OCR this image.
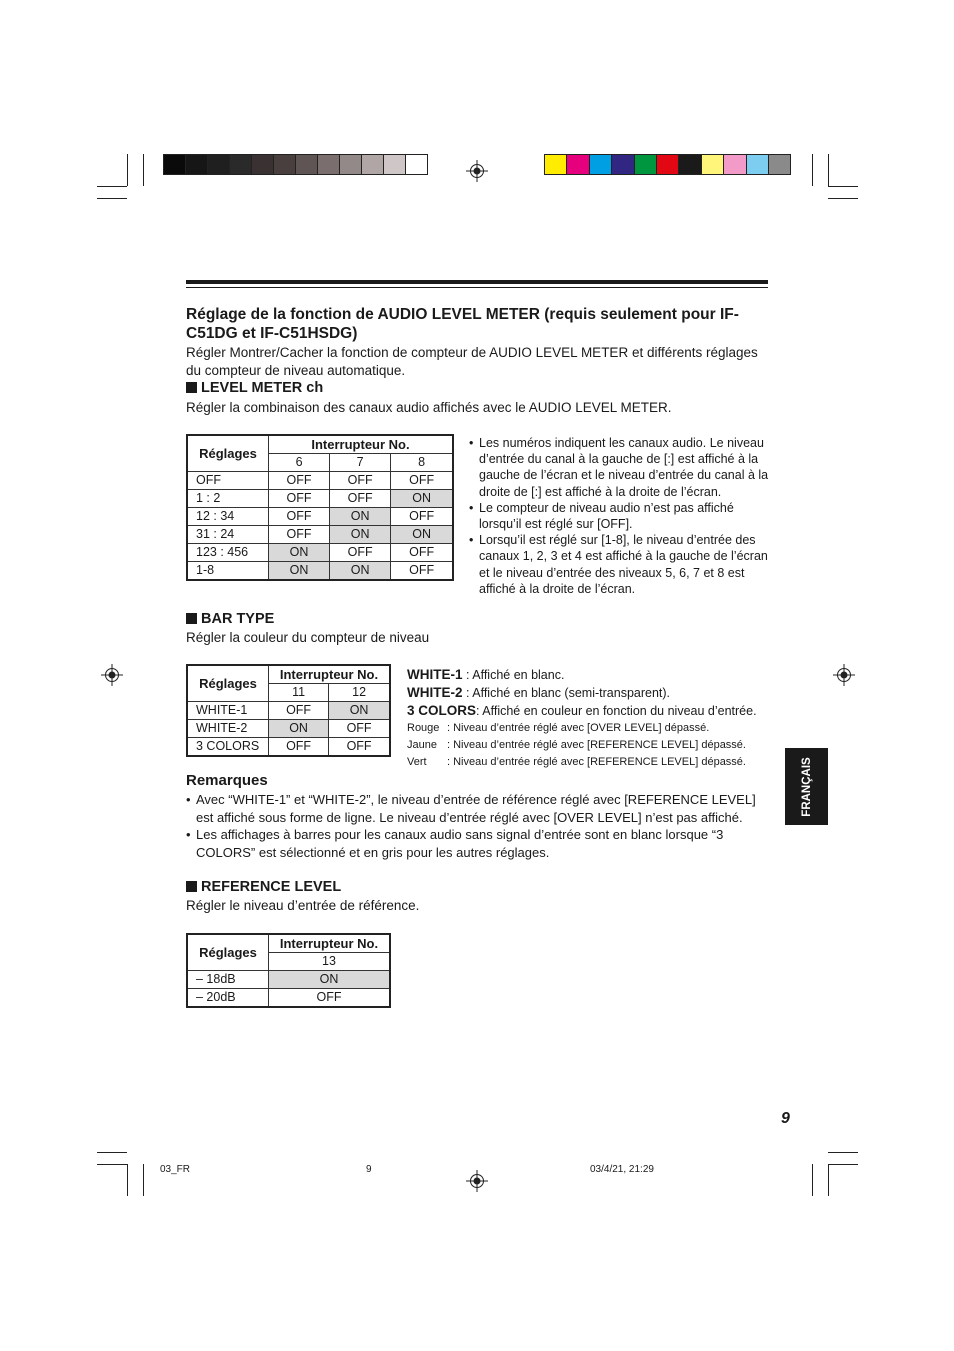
Réglage de la fonction de AUDIO LEVEL METER (requis seulement pour IF-C51DG et IF-C51HSDG)

Régler Montrer/Cacher la fonction de compteur de AUDIO LEVEL METER et différents réglages du compteur de niveau automatique.

LEVEL METER ch

Régler la combinaison des canaux audio affichés avec le AUDIO LEVEL METER.

Réglages	Interrupteur No.		
	6	7	8
OFF	OFF	OFF	OFF
1 : 2	OFF	OFF	ON
12 : 34	OFF	ON	OFF
31 : 24	OFF	ON	ON
123 : 456	ON	OFF	OFF
1-8	ON	ON	OFF
• Les numéros indiquent les canaux audio. Le niveau d’entrée du canal à la gauche de [:] est affiché à la gauche de l’écran et le niveau d’entrée du canal à la droite de [:] est affiché à la droite de l’écran.
• Le compteur de niveau audio n’est pas affiché lorsqu’il est réglé sur [OFF].
• Lorsqu’il est réglé sur [1-8], le niveau d’entrée des canaux 1, 2, 3 et 4 est affiché à la gauche de l’écran et le niveau d’entrée des niveaux 5, 6, 7 et 8 est affiché à la droite de l’écran.

BAR TYPE

Régler la couleur du compteur de niveau

Réglages	Interrupteur No.	
	11	12
WHITE-1	OFF	ON
WHITE-2	ON	OFF
3 COLORS	OFF	OFF
WHITE-1 : Affiché en blanc.
WHITE-2 : Affiché en blanc (semi-transparent).
3 COLORS: Affiché en couleur en fonction du niveau d’entrée.
Rouge : Niveau d’entrée réglé avec [OVER LEVEL] dépassé.
Jaune : Niveau d’entrée réglé avec [REFERENCE LEVEL] dépassé.
Vert : Niveau d’entrée réglé avec [REFERENCE LEVEL] dépassé.

Remarques

• Avec “WHITE-1” et “WHITE-2”, le niveau d’entrée de référence réglé avec [REFERENCE LEVEL] est affiché sous forme de ligne. Le niveau d’entrée réglé avec [OVER LEVEL] n’est pas affiché.
• Les affichages à barres pour les canaux audio sans signal d’entrée sont en blanc lorsque “3 COLORS” est sélectionné et en gris pour les autres réglages.

REFERENCE LEVEL

Régler le niveau d’entrée de référence.

Réglages	Interrupteur No.
	13
– 18dB	ON
– 20dB	OFF
FRANÇAIS
9
03_FR	9	03/4/21, 21:29
